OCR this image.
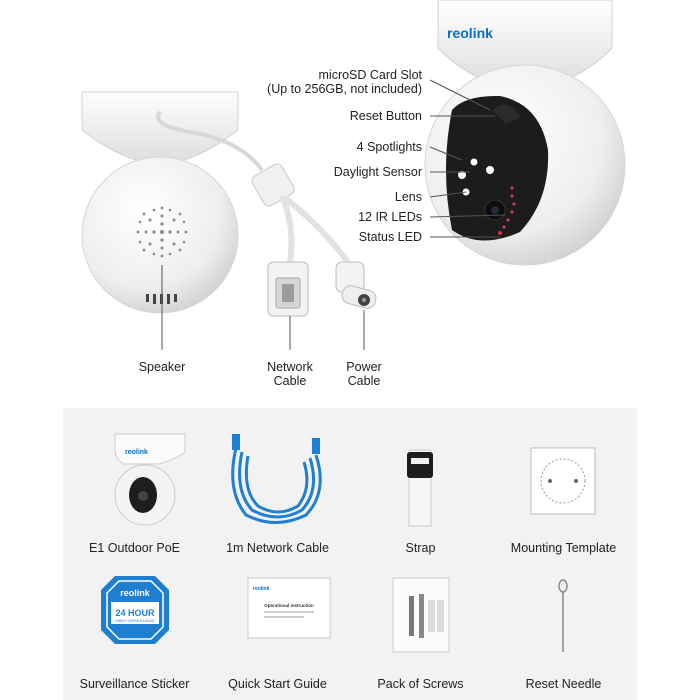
reolink
microSD Card Slot
(Up to 256GB, not included)
Reset Button
4 Spotlights
Daylight Sensor
Lens
12 IR LEDs
Status LED
Speaker	Network
Cable
Power
Cable
reolink
E1 Outdoor PoE	1m Network Cable	Strap	Mounting Template
reolink
24 HOUR
VIDEO SURVEILLANCE
Surveillance Sticker
reolink
Operational Instruction
Quick Start Guide	Pack of Screws	Reset Needle
